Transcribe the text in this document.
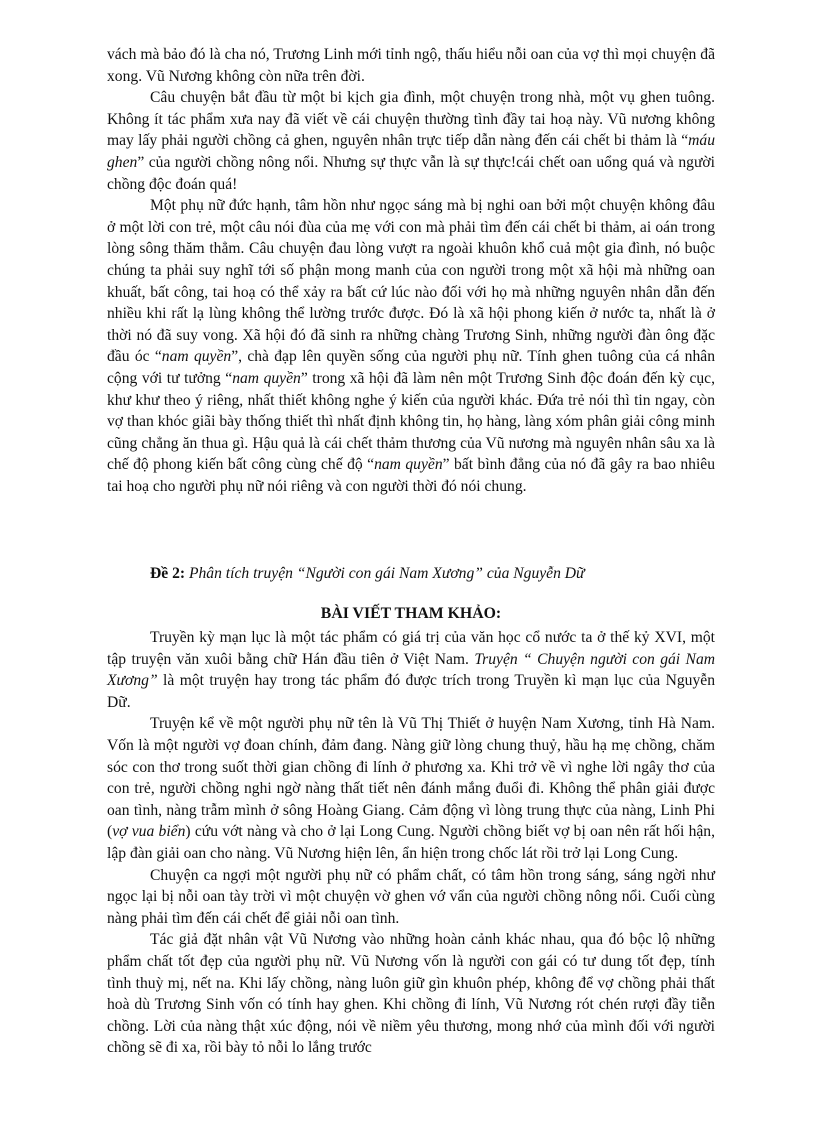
vách mà bảo đó là cha nó, Trương Linh mới tỉnh ngộ, thấu hiểu nỗi oan của vợ thì mọi chuyện đã xong. Vũ Nương không còn nữa trên đời.

Câu chuyện bắt đầu từ một bi kịch gia đình, một chuyện trong nhà, một vụ ghen tuông. Không ít tác phẩm xưa nay đã viết về cái chuyện thường tình đầy tai hoạ này. Vũ nương không may lấy phải người chồng cả ghen, nguyên nhân trực tiếp dẫn nàng đến cái chết bi thảm là “máu ghen” của người chồng nông nổi. Nhưng sự thực vẫn là sự thực!cái chết oan uổng quá và người chồng độc đoán quá!

Một phụ nữ đức hạnh, tâm hồn như ngọc sáng mà bị nghi oan bởi một chuyện không đâu ở một lời con trẻ, một câu nói đùa của mẹ với con mà phải tìm đến cái chết bi thảm, ai oán trong lòng sông thăm thẳm. Câu chuyện đau lòng vượt ra ngoài khuôn khổ cuả một gia đình, nó buộc chúng ta phải suy nghĩ tới số phận mong manh của con người trong một xã hội mà những oan khuất, bất công, tai hoạ có thể xảy ra bất cứ lúc nào đối với họ mà những nguyên nhân dẫn đến nhiều khi rất lạ lùng không thể lường trước được. Đó là xã hội phong kiến ở nước ta, nhất là ở thời nó đã suy vong. Xã hội đó đã sinh ra những chàng Trương Sinh, những người đàn ông đặc đầu óc “nam quyền”, chà đạp lên quyền sống của người phụ nữ. Tính ghen tuông của cá nhân cộng với tư tưởng “nam quyền” trong xã hội đã làm nên một Trương Sinh độc đoán đến kỳ cục, khư khư theo ý riêng, nhất thiết không nghe ý kiến của người khác. Đứa trẻ nói thì tin ngay, còn vợ than khóc giãi bày thống thiết thì nhất định không tin, họ hàng, làng xóm phân giải công minh cũng chẳng ăn thua gì. Hậu quả là cái chết thảm thương của Vũ nương mà nguyên nhân sâu xa là chế độ phong kiến bất công cùng chế độ “nam quyền” bất bình đẳng của nó đã gây ra bao nhiêu tai hoạ cho người phụ nữ nói riêng và con người thời đó nói chung.

Đề 2: Phân tích truyện “Người con gái Nam Xương” của Nguyễn Dữ
BÀI VIẾT THAM KHẢO:

Truyền kỳ mạn lục là một tác phẩm có giá trị của văn học cổ nước ta ở thế kỷ XVI, một tập truyện văn xuôi bằng chữ Hán đầu tiên ở Việt Nam. Truyện “ Chuyện người con gái Nam Xương” là một truyện hay trong tác phẩm đó được trích trong Truyền kì mạn lục của Nguyễn Dữ.

Truyện kể về một người phụ nữ tên là Vũ Thị Thiết ở huyện Nam Xương, tỉnh Hà Nam. Vốn là một người vợ đoan chính, đảm đang. Nàng giữ lòng chung thuỷ, hầu hạ mẹ chồng, chăm sóc con thơ trong suốt thời gian chồng đi lính ở phương xa. Khi trở về vì nghe lời ngây thơ của con trẻ, người chồng nghi ngờ nàng thất tiết nên đánh mắng đuổi đi. Không thể phân giải được oan tình, nàng trẫm mình ở sông Hoàng Giang. Cảm động vì lòng trung thực của nàng, Linh Phi (vợ vua biển) cứu vớt nàng và cho ở lại Long Cung. Người chồng biết vợ bị oan nên rất hối hận, lập đàn giải oan cho nàng. Vũ Nương hiện lên, ẩn hiện trong chốc lát rồi trở lại Long Cung.

Chuyện ca ngợi một người phụ nữ có phẩm chất, có tâm hồn trong sáng, sáng ngời như ngọc lại bị nỗi oan tày trời vì một chuyện vờ ghen vớ vẩn của người chồng nông nổi. Cuối cùng nàng phải tìm đến cái chết để giải nỗi oan tình.

Tác giả đặt nhân vật Vũ Nương vào những hoàn cảnh khác nhau, qua đó bộc lộ những phẩm chất tốt đẹp của người phụ nữ. Vũ Nương vốn là người con gái có tư dung tốt đẹp, tính tình thuỳ mị, nết na. Khi lấy chồng, nàng luôn giữ gìn khuôn phép, không để vợ chồng phải thất hoà dù Trương Sinh vốn có tính hay ghen. Khi chồng đi lính, Vũ Nương rót chén rượi đầy tiễn chồng. Lời của nàng thật xúc động, nói về niềm yêu thương, mong nhớ của mình đối với người chồng sẽ đi xa, rồi bày tỏ nỗi lo lắng trước
